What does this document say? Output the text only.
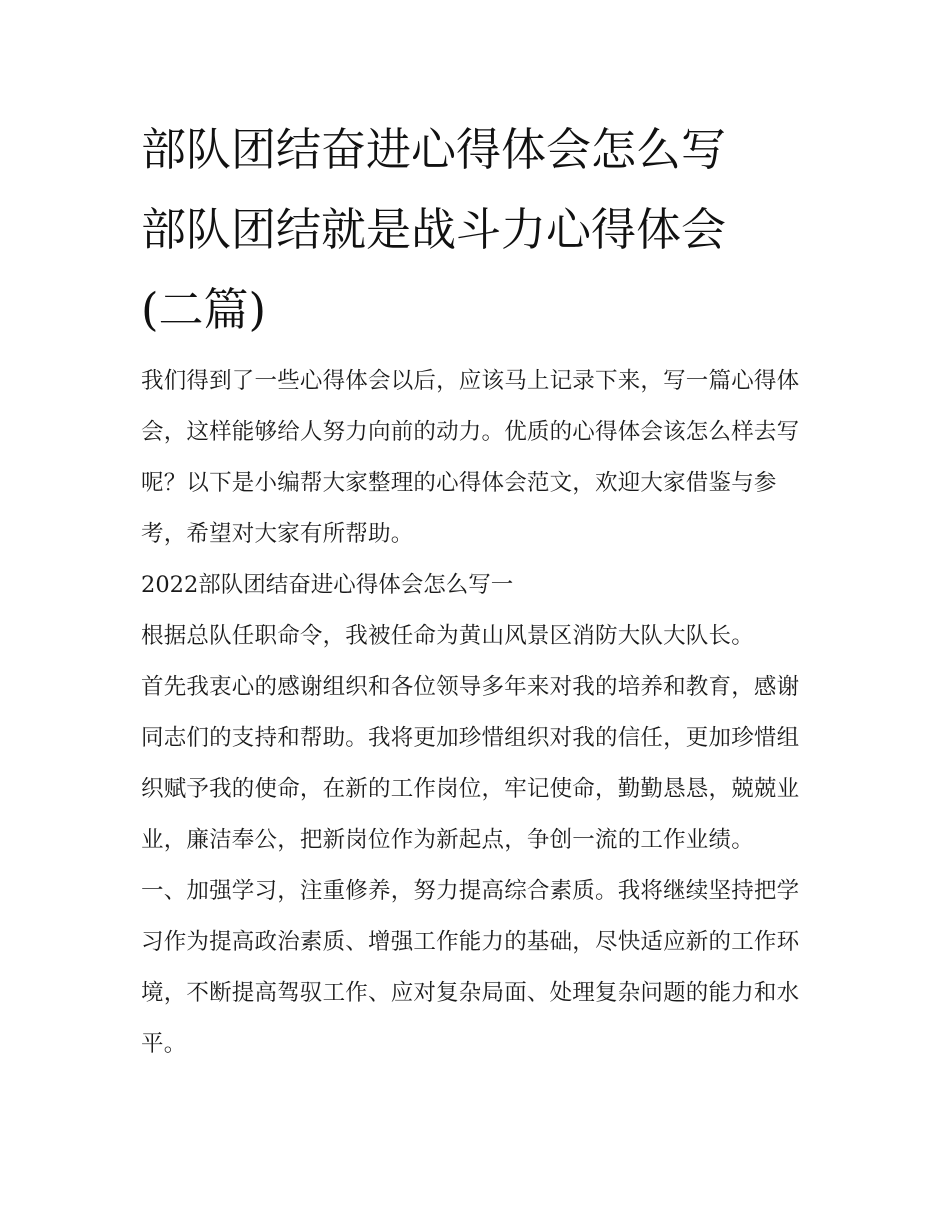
部队团结奋进心得体会怎么写
部队团结就是战斗力心得体会
(二篇)

我们得到了一些心得体会以后，应该马上记录下来，写一篇心得体会，这样能够给人努力向前的动力。优质的心得体会该怎么样去写呢？以下是小编帮大家整理的心得体会范文，欢迎大家借鉴与参考，希望对大家有所帮助。

2022部队团结奋进心得体会怎么写一

根据总队任职命令，我被任命为黄山风景区消防大队大队长。

首先我衷心的感谢组织和各位领导多年来对我的培养和教育，感谢同志们的支持和帮助。我将更加珍惜组织对我的信任，更加珍惜组织赋予我的使命，在新的工作岗位，牢记使命，勤勤恳恳，兢兢业业，廉洁奉公，把新岗位作为新起点，争创一流的工作业绩。

一、加强学习，注重修养，努力提高综合素质。我将继续坚持把学习作为提高政治素质、增强工作能力的基础，尽快适应新的工作环境，不断提高驾驭工作、应对复杂局面、处理复杂问题的能力和水平。
